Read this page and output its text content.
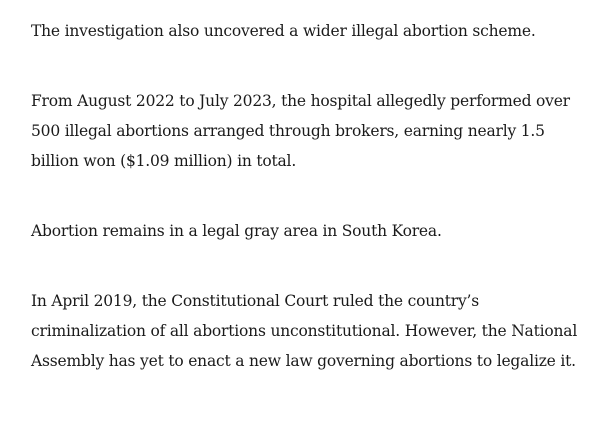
The investigation also uncovered a wider illegal abortion scheme.

From August 2022 to July 2023, the hospital allegedly performed over 500 illegal abortions arranged through brokers, earning nearly 1.5 billion won ($1.09 million) in total.

Abortion remains in a legal gray area in South Korea.

In April 2019, the Constitutional Court ruled the country’s criminalization of all abortions unconstitutional. However, the National Assembly has yet to enact a new law governing abortions to legalize it.
